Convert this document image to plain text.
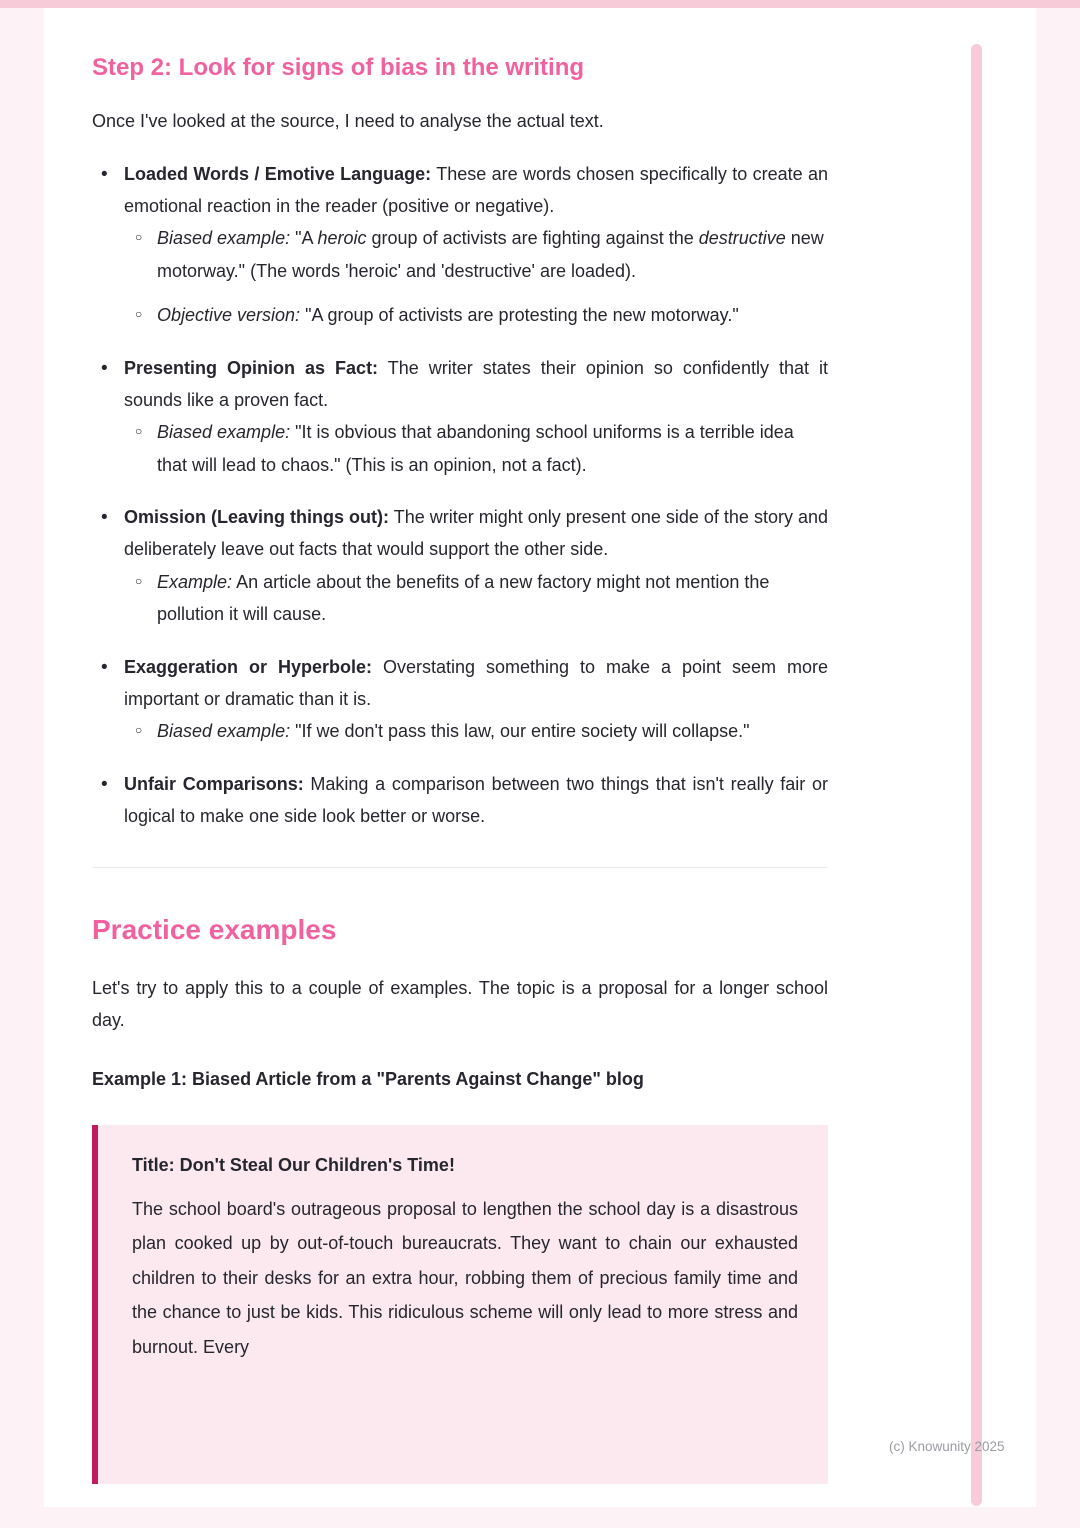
Step 2: Look for signs of bias in the writing

Once I've looked at the source, I need to analyse the actual text.

• Loaded Words / Emotive Language: These are words chosen specifically to create an emotional reaction in the reader (positive or negative).
○ Biased example: "A heroic group of activists are fighting against the destructive new motorway." (The words 'heroic' and 'destructive' are loaded).
○ Objective version: "A group of activists are protesting the new motorway."
• Presenting Opinion as Fact: The writer states their opinion so confidently that it sounds like a proven fact.
○ Biased example: "It is obvious that abandoning school uniforms is a terrible idea that will lead to chaos." (This is an opinion, not a fact).
• Omission (Leaving things out): The writer might only present one side of the story and deliberately leave out facts that would support the other side.
○ Example: An article about the benefits of a new factory might not mention the pollution it will cause.
• Exaggeration or Hyperbole: Overstating something to make a point seem more important or dramatic than it is.
○ Biased example: "If we don't pass this law, our entire society will collapse."
• Unfair Comparisons: Making a comparison between two things that isn't really fair or logical to make one side look better or worse.
Practice examples

Let's try to apply this to a couple of examples. The topic is a proposal for a longer school day.

Example 1: Biased Article from a "Parents Against Change" blog

Title: Don't Steal Our Children's Time!

The school board's outrageous proposal to lengthen the school day is a disastrous plan cooked up by out-of-touch bureaucrats. They want to chain our exhausted children to their desks for an extra hour, robbing them of precious family time and the chance to just be kids. This ridiculous scheme will only lead to more stress and burnout. Every

(c) Knowunity 2025
